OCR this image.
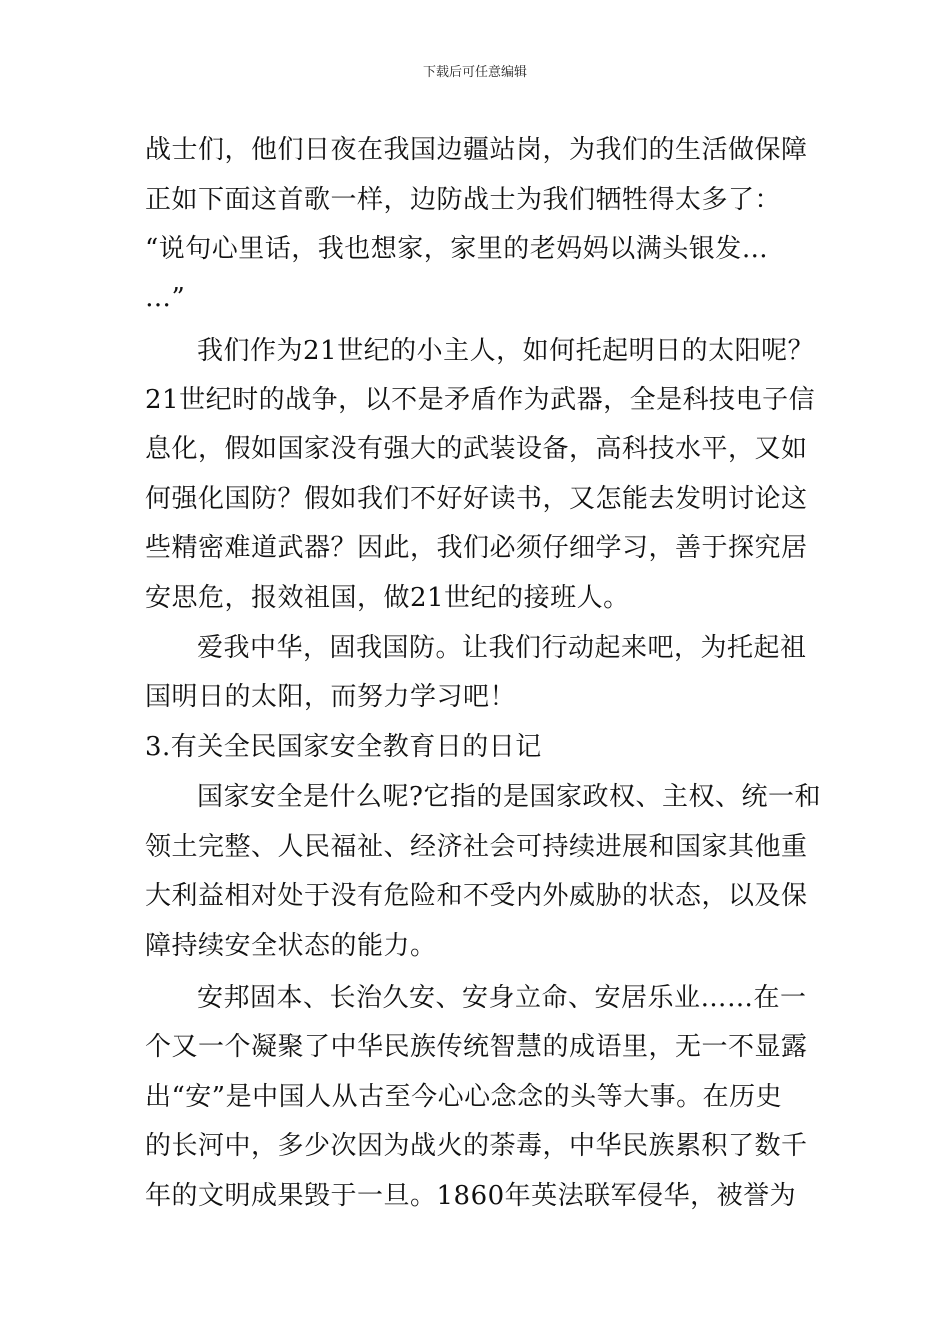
下载后可任意编辑
战士们，他们日夜在我国边疆站岗，为我们的生活做保障
正如下面这首歌一样，边防战士为我们牺牲得太多了：
“说句心里话，我也想家，家里的老妈妈以满头银发…
…”
我们作为21世纪的小主人，如何托起明日的太阳呢？
21世纪时的战争，以不是矛盾作为武器，全是科技电子信
息化，假如国家没有强大的武装设备，高科技水平，又如
何强化国防？假如我们不好好读书，又怎能去发明讨论这
些精密难道武器？因此，我们必须仔细学习，善于探究居
安思危，报效祖国，做21世纪的接班人。
爱我中华，固我国防。让我们行动起来吧，为托起祖
国明日的太阳，而努力学习吧！
3.有关全民国家安全教育日的日记
国家安全是什么呢?它指的是国家政权、主权、统一和
领土完整、人民福祉、经济社会可持续进展和国家其他重
大利益相对处于没有危险和不受内外威胁的状态，以及保
障持续安全状态的能力。
安邦固本、长治久安、安身立命、安居乐业……在一
个又一个凝聚了中华民族传统智慧的成语里，无一不显露
出“安”是中国人从古至今心心念念的头等大事。在历史
的长河中，多少次因为战火的荼毒，中华民族累积了数千
年的文明成果毁于一旦。1860年英法联军侵华，被誉为
